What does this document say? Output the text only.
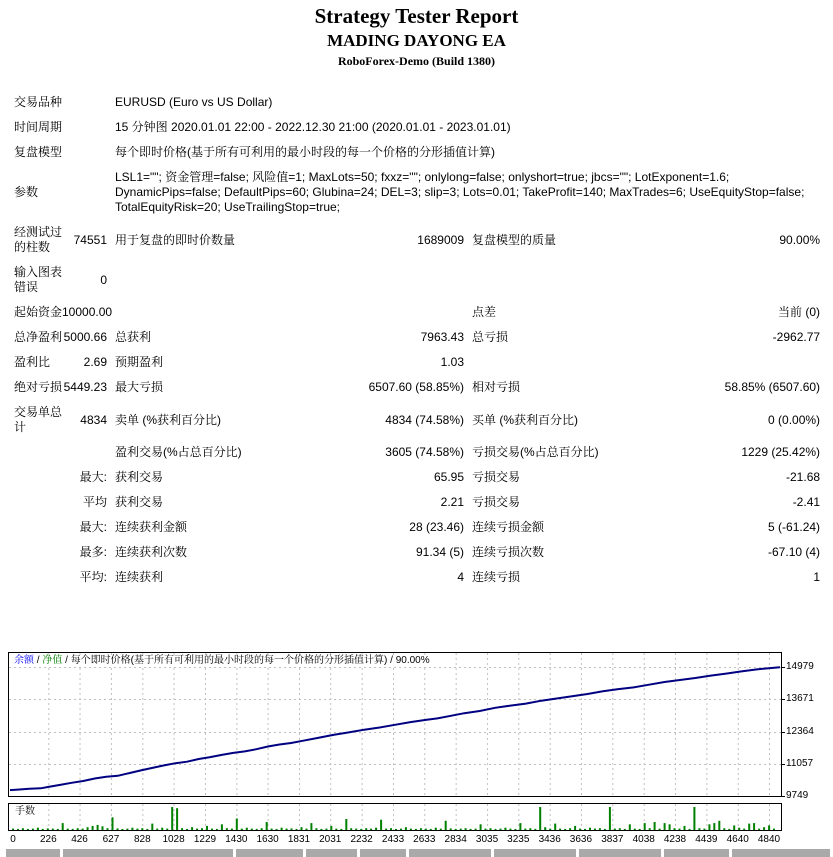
Strategy Tester Report
MADING DAYONG EA
RoboForex-Demo (Build 1380)
交易品种		EURUSD (Euro vs US Dollar)			
时间周期		15 分钟图 2020.01.01 22:00 - 2022.12.30 21:00 (2020.01.01 - 2023.01.01)			
复盘模型		每个即时价格(基于所有可利用的最小时段的每一个价格的分形插值计算)			
参数		LSL1=""; 资金管理=false; 风险值=1; MaxLots=50; fxxz=""; onlylong=false; onlyshort=true; jbcs=""; LotExponent=1.6; DynamicPips=false; DefaultPips=60; Glubina=24; DEL=3; slip=3; Lots=0.01; TakeProfit=140; MaxTrades=6; UseEquityStop=false; TotalEquityRisk=20; UseTrailingStop=true;			
经测试过的柱数	74551	用于复盘的即时价数量	1689009	复盘模型的质量	90.00%
输入图表错误	0				
起始资金	10000.00			点差	当前 (0)
总净盈利	5000.66	总获利	7963.43	总亏损	-2962.77
盈利比	2.69	预期盈利	1.03		
绝对亏损	5449.23	最大亏损	6507.60 (58.85%)	相对亏损	58.85% (6507.60)
交易单总计	4834	卖单 (%获利百分比)	4834 (74.58%)	买单 (%获利百分比)	0 (0.00%)
		盈利交易(%占总百分比)	3605 (74.58%)	亏损交易(%占总百分比)	1229 (25.42%)
	最大:	获利交易	65.95	亏损交易	-21.68
	平均	获利交易	2.21	亏损交易	-2.41
	最大:	连续获利金额	28 (23.46)	连续亏损金额	5 (-61.24)
	最多:	连续获利次数	91.34 (5)	连续亏损次数	-67.10 (4)
	平均:	连续获利	4	连续亏损	1
余额 / 净值 / 每个即时价格(基于所有可利用的最小时段的每一个价格的分形插值计算) / 90.00%
14979
13671
12364
11057
9749
手数
0 226 426 627 828 1028 1229 1430 1630 1831 2031 2232 2433 2633 2834 3035 3235 3436 3636 3837 4038 4238 4439 4640 4840
